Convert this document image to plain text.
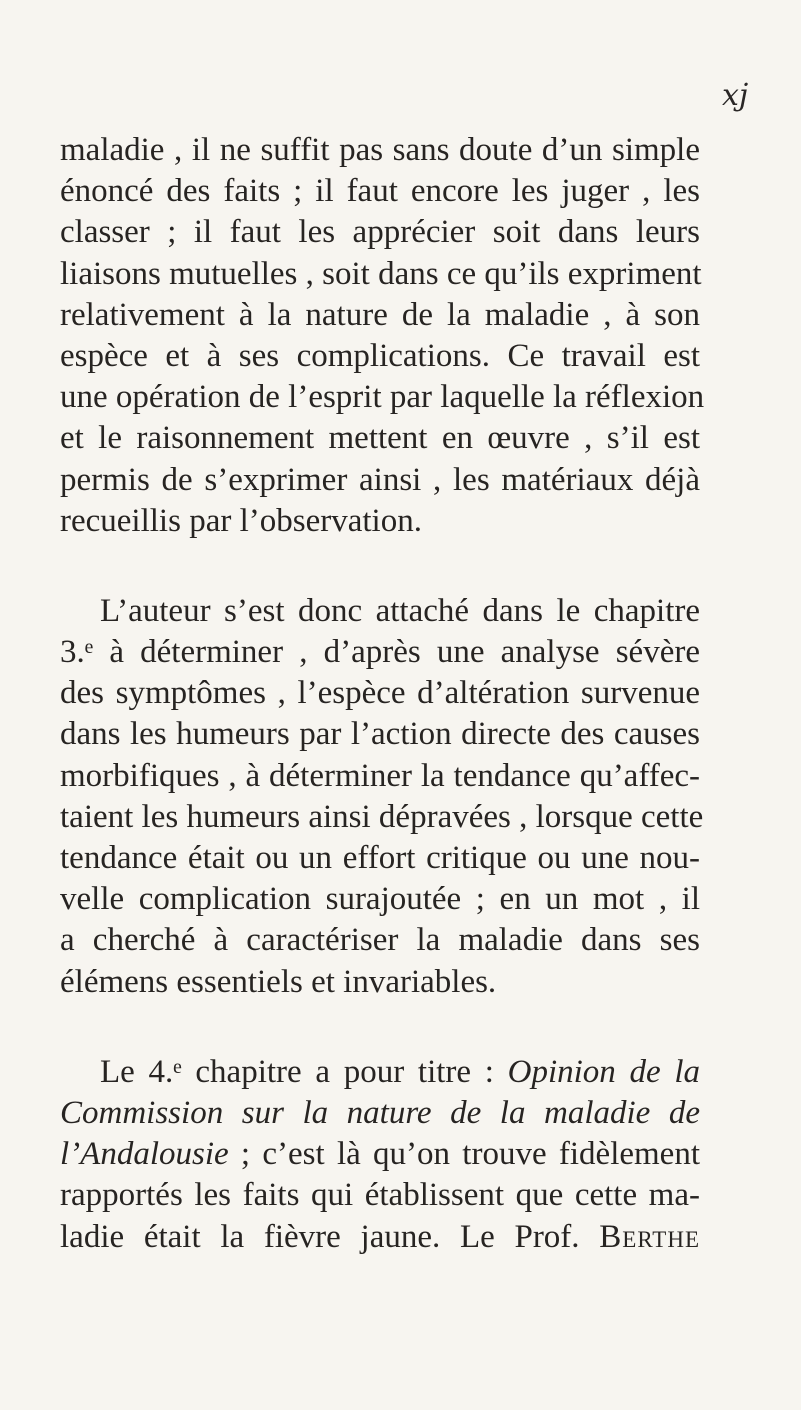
xj
maladie , il ne suffit pas sans doute d’un simple
énoncé des faits ; il faut encore les juger , les
classer ; il faut les apprécier soit dans leurs
liaisons mutuelles , soit dans ce qu’ils expriment
relativement à la nature de la maladie , à son
espèce et à ses complications. Ce travail est
une opération de l’esprit par laquelle la réflexion
et le raisonnement mettent en œuvre , s’il est
permis de s’exprimer ainsi , les matériaux déjà
recueillis par l’observation.
L’auteur s’est donc attaché dans le chapitre
3.ᵉ à déterminer , d’après une analyse sévère
des symptômes , l’espèce d’altération survenue
dans les humeurs par l’action directe des causes
morbifiques , à déterminer la tendance qu’affec-
taient les humeurs ainsi dépravées , lorsque cette
tendance était ou un effort critique ou une nou-
velle complication surajoutée ; en un mot , il
a cherché à caractériser la maladie dans ses
élémens essentiels et invariables.
Le 4.ᵉ chapitre a pour titre : Opinion de la
Commission sur la nature de la maladie de
l’Andalousie ; c’est là qu’on trouve fidèlement
rapportés les faits qui établissent que cette ma-
ladie était la fièvre jaune. Le Prof. Berthe
